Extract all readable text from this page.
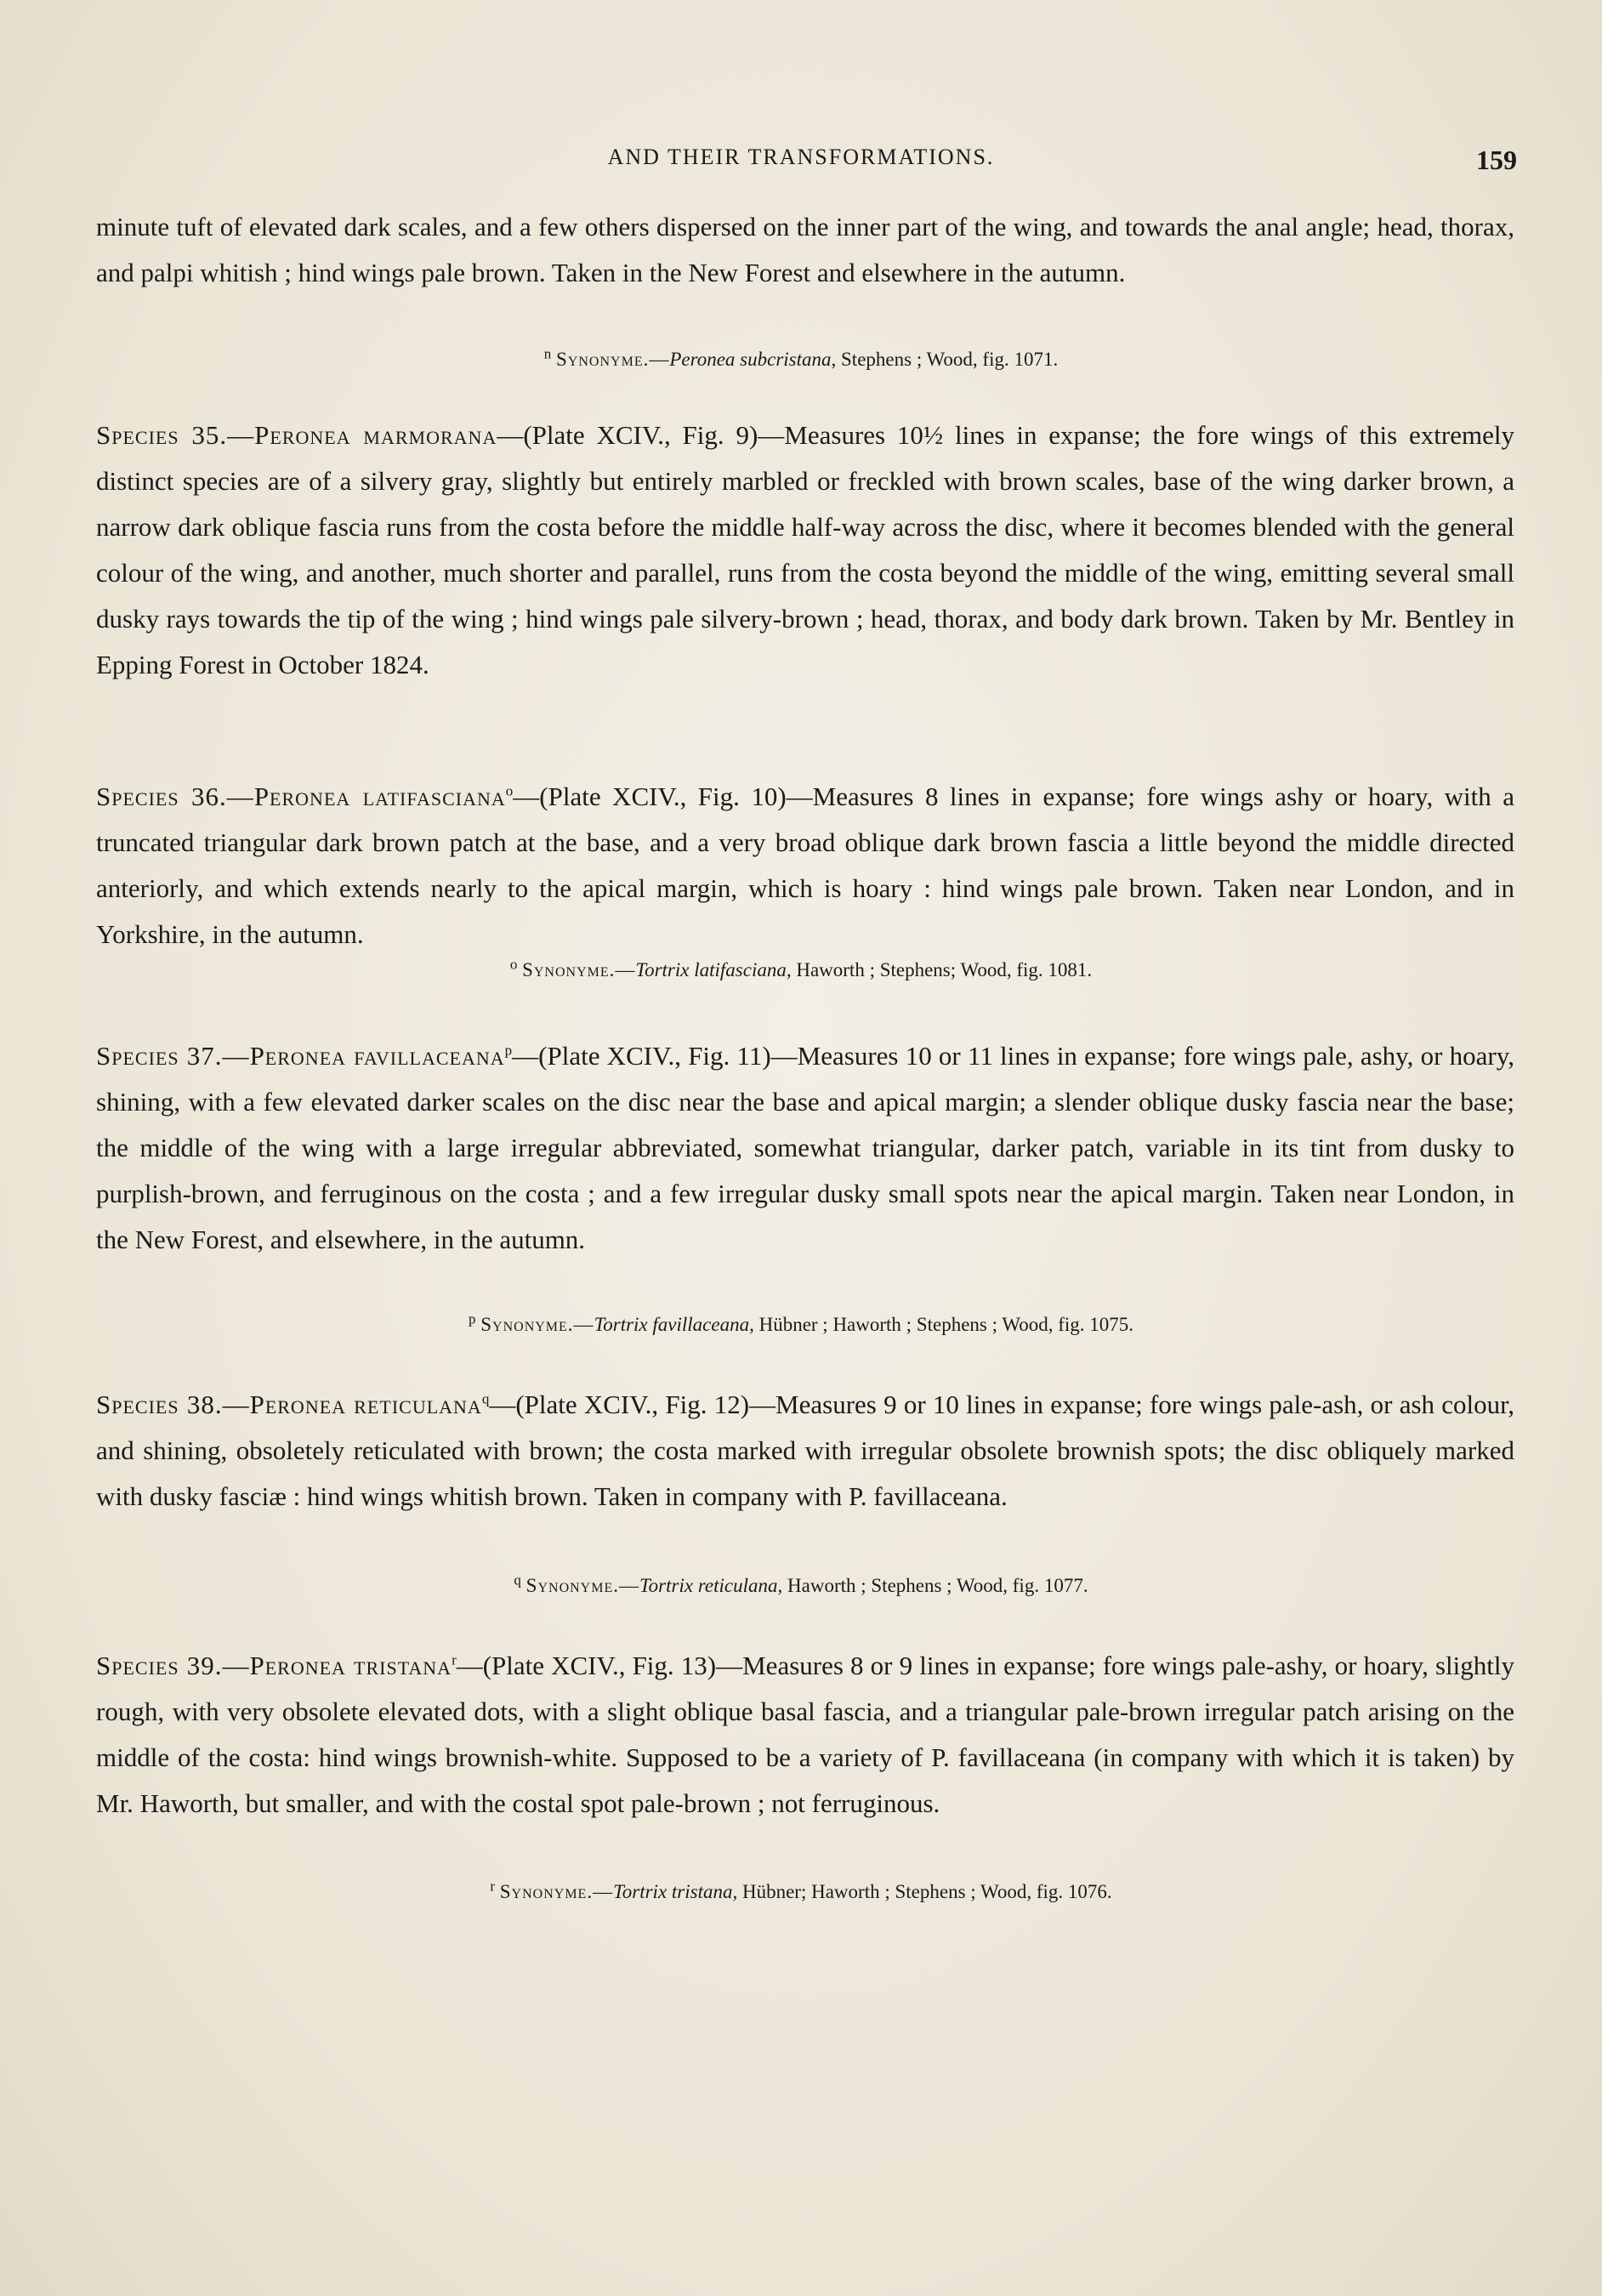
AND THEIR TRANSFORMATIONS.	159
minute tuft of elevated dark scales, and a few others dispersed on the inner part of the wing, and towards the anal angle; head, thorax, and palpi whitish ; hind wings pale brown. Taken in the New Forest and elsewhere in the autumn.
$^n$ Synonyme.—Peronea subcristana, Stephens ; Wood, fig. 1071.
Species 35.—Peronea marmorana—(Plate XCIV., Fig. 9)—Measures 10½ lines in expanse; the fore wings of this extremely distinct species are of a silvery gray, slightly but entirely marbled or freckled with brown scales, base of the wing darker brown, a narrow dark oblique fascia runs from the costa before the middle half-way across the disc, where it becomes blended with the general colour of the wing, and another, much shorter and parallel, runs from the costa beyond the middle of the wing, emitting several small dusky rays towards the tip of the wing ; hind wings pale silvery-brown ; head, thorax, and body dark brown. Taken by Mr. Bentley in Epping Forest in October 1824.
Species 36.—Peronea latifasciana$^o$—(Plate XCIV., Fig. 10)—Measures 8 lines in expanse; fore wings ashy or hoary, with a truncated triangular dark brown patch at the base, and a very broad oblique dark brown fascia a little beyond the middle directed anteriorly, and which extends nearly to the apical margin, which is hoary : hind wings pale brown. Taken near London, and in Yorkshire, in the autumn.
$^o$ Synonyme.—Tortrix latifasciana, Haworth ; Stephens; Wood, fig. 1081.
Species 37.—Peronea favillaceana$^p$—(Plate XCIV., Fig. 11)—Measures 10 or 11 lines in expanse; fore wings pale, ashy, or hoary, shining, with a few elevated darker scales on the disc near the base and apical margin; a slender oblique dusky fascia near the base; the middle of the wing with a large irregular abbreviated, somewhat triangular, darker patch, variable in its tint from dusky to purplish-brown, and ferruginous on the costa ; and a few irregular dusky small spots near the apical margin. Taken near London, in the New Forest, and elsewhere, in the autumn.
$^p$ Synonyme.—Tortrix favillaceana, Hübner ; Haworth ; Stephens ; Wood, fig. 1075.
Species 38.—Peronea reticulana$^q$—(Plate XCIV., Fig. 12)—Measures 9 or 10 lines in expanse; fore wings pale-ash, or ash colour, and shining, obsoletely reticulated with brown; the costa marked with irregular obsolete brownish spots; the disc obliquely marked with dusky fasciæ : hind wings whitish brown. Taken in company with P. favillaceana.
$^q$ Synonyme.—Tortrix reticulana, Haworth ; Stephens ; Wood, fig. 1077.
Species 39.—Peronea tristana$^r$—(Plate XCIV., Fig. 13)—Measures 8 or 9 lines in expanse; fore wings pale-ashy, or hoary, slightly rough, with very obsolete elevated dots, with a slight oblique basal fascia, and a triangular pale-brown irregular patch arising on the middle of the costa: hind wings brownish-white. Supposed to be a variety of P. favillaceana (in company with which it is taken) by Mr. Haworth, but smaller, and with the costal spot pale-brown ; not ferruginous.
$^r$ Synonyme.—Tortrix tristana, Hübner; Haworth ; Stephens ; Wood, fig. 1076.
